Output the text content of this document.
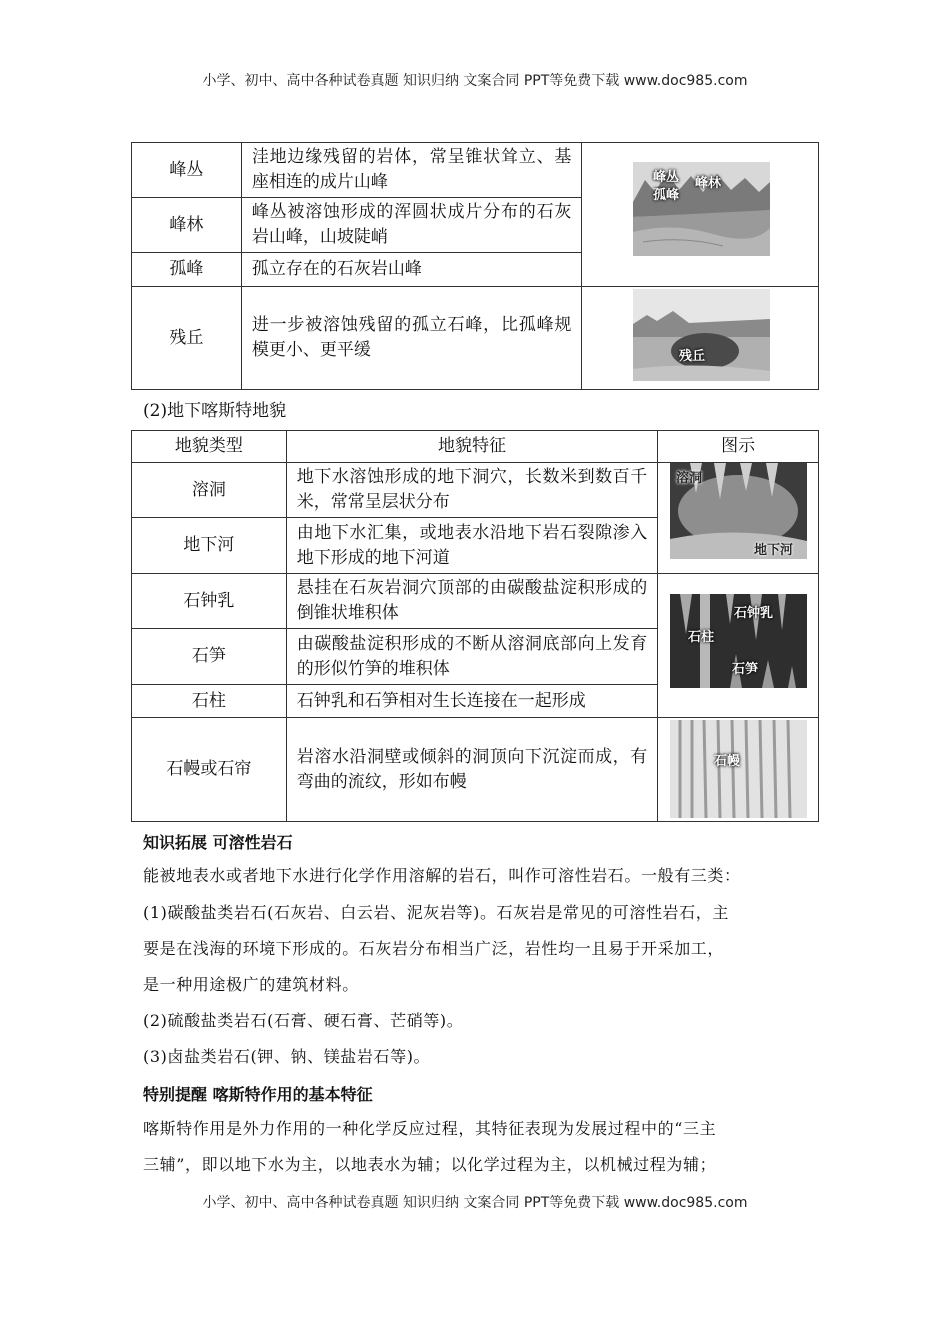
小学、初中、高中各种试卷真题 知识归纳 文案合同 PPT等免费下载 www.doc985.com
峰丛	洼地边缘残留的岩体，常呈锥状耸立、基座相连的成片山峰	
峰林	峰丛被溶蚀形成的浑圆状成片分布的石灰岩山峰，山坡陡峭	
孤峰	孤立存在的石灰岩山峰	
残丘	进一步被溶蚀残留的孤立石峰，比孤峰规模更小、更平缓	
峰丛
孤峰
峰林
残丘
(2)地下喀斯特地貌
地貌类型	地貌特征	图示
溶洞	地下水溶蚀形成的地下洞穴，长数米到数百千米，常常呈层状分布	
地下河	由地下水汇集，或地表水沿地下岩石裂隙渗入地下形成的地下河道	
石钟乳	悬挂在石灰岩洞穴顶部的由碳酸盐淀积形成的倒锥状堆积体	
石笋	由碳酸盐淀积形成的不断从溶洞底部向上发育的形似竹笋的堆积体	
石柱	石钟乳和石笋相对生长连接在一起形成	
石幔或石帘	岩溶水沿洞壁或倾斜的洞顶向下沉淀而成，有弯曲的流纹，形如布幔	
溶洞
地下河
石钟乳
石柱
石笋
石幔
知识拓展 可溶性岩石
能被地表水或者地下水进行化学作用溶解的岩石，叫作可溶性岩石。一般有三类：
(1)碳酸盐类岩石(石灰岩、白云岩、泥灰岩等)。石灰岩是常见的可溶性岩石，主
要是在浅海的环境下形成的。石灰岩分布相当广泛，岩性均一且易于开采加工，
是一种用途极广的建筑材料。
(2)硫酸盐类岩石(石膏、硬石膏、芒硝等)。
(3)卤盐类岩石(钾、钠、镁盐岩石等)。
特别提醒 喀斯特作用的基本特征
喀斯特作用是外力作用的一种化学反应过程，其特征表现为发展过程中的“三主
三辅”，即以地下水为主，以地表水为辅；以化学过程为主，以机械过程为辅；
小学、初中、高中各种试卷真题 知识归纳 文案合同 PPT等免费下载 www.doc985.com
